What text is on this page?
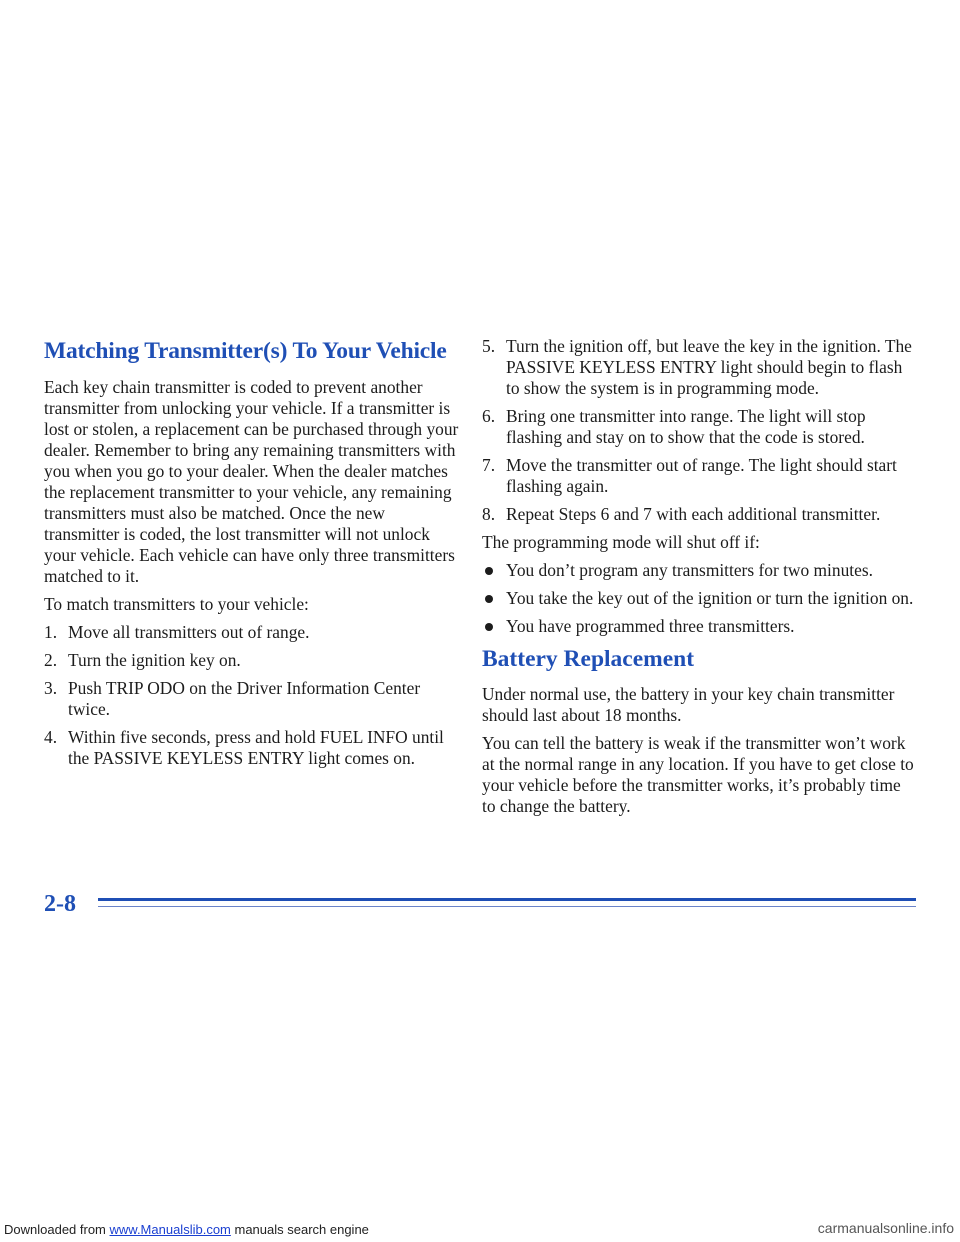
Matching Transmitter(s) To Your Vehicle

Each key chain transmitter is coded to prevent another transmitter from unlocking your vehicle. If a transmitter is lost or stolen, a replacement can be purchased through your dealer. Remember to bring any remaining transmitters with you when you go to your dealer. When the dealer matches the replacement transmitter to your vehicle, any remaining transmitters must also be matched. Once the new transmitter is coded, the lost transmitter will not unlock your vehicle. Each vehicle can have only three transmitters matched to it.

To match transmitters to your vehicle:

1. Move all transmitters out of range.
2. Turn the ignition key on.
3. Push TRIP ODO on the Driver Information Center twice.
4. Within five seconds, press and hold FUEL INFO until the PASSIVE KEYLESS ENTRY light comes on.
5. Turn the ignition off, but leave the key in the ignition. The PASSIVE KEYLESS ENTRY light should begin to flash to show the system is in programming mode.
6. Bring one transmitter into range. The light will stop flashing and stay on to show that the code is stored.
7. Move the transmitter out of range. The light should start flashing again.
8. Repeat Steps 6 and 7 with each additional transmitter.

The programming mode will shut off if:

You don’t program any transmitters for two minutes.
You take the key out of the ignition or turn the ignition on.
You have programmed three transmitters.
Battery Replacement

Under normal use, the battery in your key chain transmitter should last about 18 months.

You can tell the battery is weak if the transmitter won’t work at the normal range in any location. If you have to get close to your vehicle before the transmitter works, it’s probably time to change the battery.

2-8
Downloaded from www.Manualslib.com manuals search engine	carmanualsonline.info
